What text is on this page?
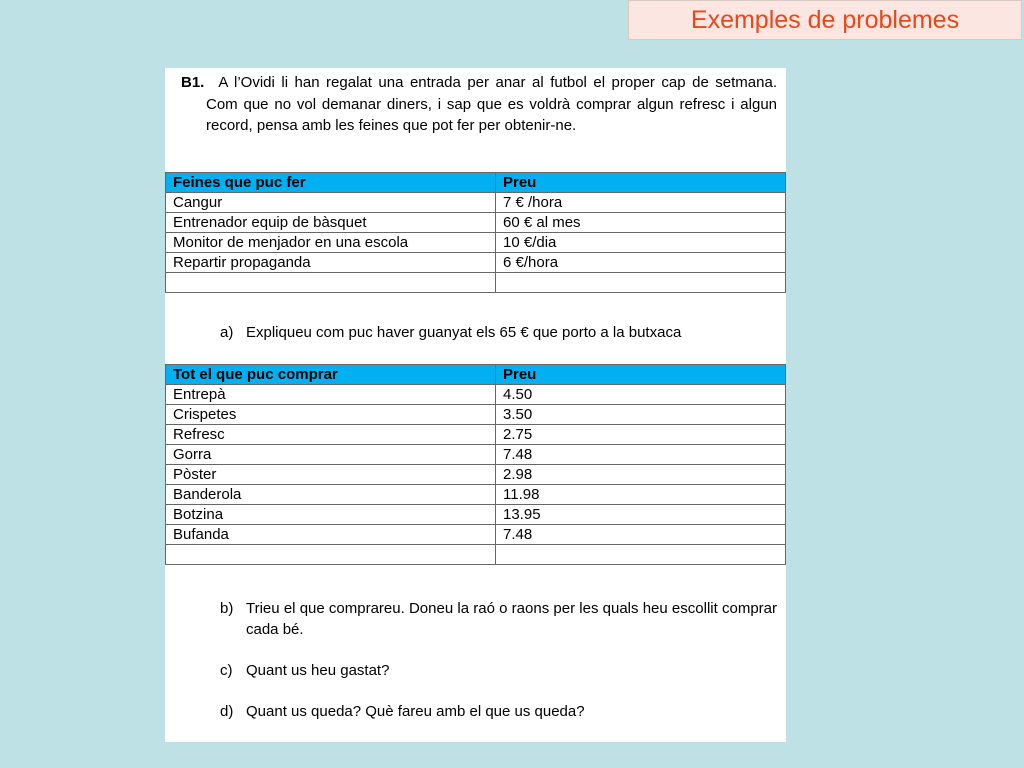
Exemples de problemes
B1. A l’Ovidi li han regalat una entrada per anar al futbol el proper cap de setmana. Com que no vol demanar diners, i sap que es voldrà comprar algun refresc i algun record, pensa amb les feines que pot fer per obtenir-ne.
Feines que puc fer	Preu
Cangur	7 € /hora
Entrenador equip de bàsquet	60 € al mes
Monitor de menjador en una escola	10 €/dia
Repartir propaganda	6 €/hora

a) Expliqueu com puc haver guanyat els 65 € que porto a la butxaca
Tot el que puc comprar	Preu
Entrepà	4.50
Crispetes	3.50
Refresc	2.75
Gorra	7.48
Pòster	2.98
Banderola	11.98
Botzina	13.95
Bufanda	7.48

b) Trieu el que comprareu. Doneu la raó o raons per les quals heu escollit comprar cada bé.
c) Quant us heu gastat?
d) Quant us queda? Què fareu amb el que us queda?
